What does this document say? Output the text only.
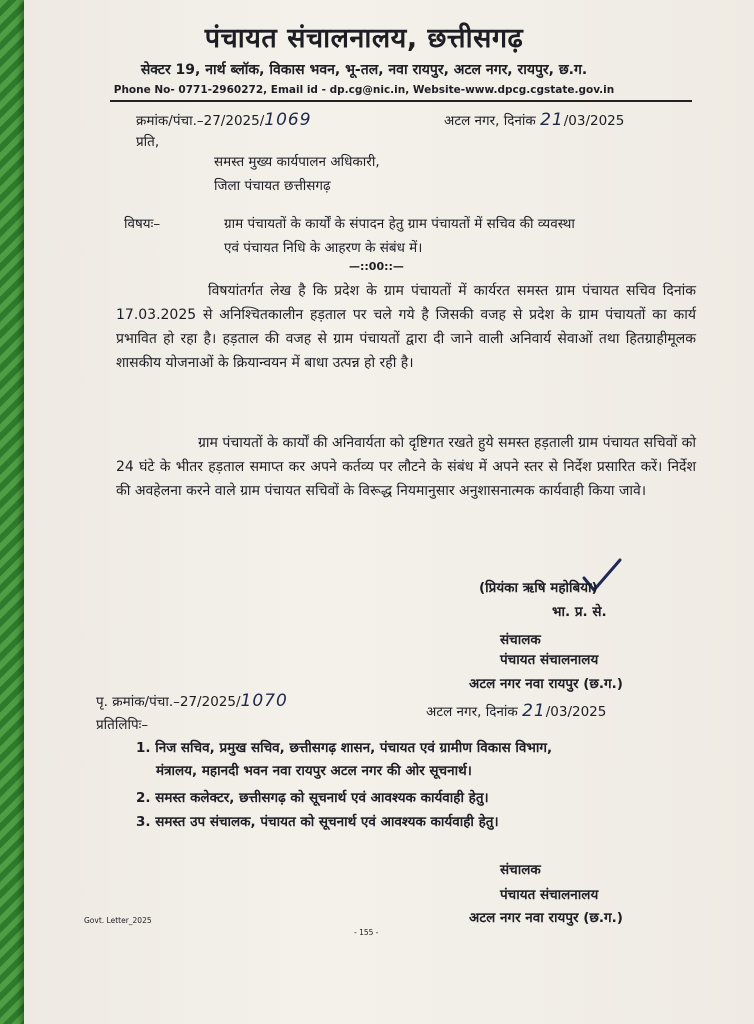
पंचायत संचालनालय, छत्तीसगढ़
सेक्टर 19, नार्थ ब्लॉक, विकास भवन, भू-तल, नवा रायपुर, अटल नगर, रायपुर, छ.ग.
Phone No- 0771-2960272, Email id - dp.cg@nic.in, Website-www.dpcg.cgstate.gov.in
क्रमांक/पंचा.–27/2025/1069	अटल नगर, दिनांक 21/03/2025
प्रति,
समस्त मुख्य कार्यपालन अधिकारी,
जिला पंचायत छत्तीसगढ़
विषयः–	ग्राम पंचायतों के कार्यों के संपादन हेतु ग्राम पंचायतों में सचिव की व्यवस्था
एवं पंचायत निधि के आहरण के संबंध में।
—::00::—
विषयांतर्गत लेख है कि प्रदेश के ग्राम पंचायतों में कार्यरत समस्त ग्राम पंचायत सचिव दिनांक 17.03.2025 से अनिश्चितकालीन हड़ताल पर चले गये है जिसकी वजह से प्रदेश के ग्राम पंचायतों का कार्य प्रभावित हो रहा है। हड़ताल की वजह से ग्राम पंचायतों द्वारा दी जाने वाली अनिवार्य सेवाओं तथा हितग्राहीमूलक शासकीय योजनाओं के क्रियान्वयन में बाधा उत्पन्न हो रही है।
ग्राम पंचायतों के कार्यों की अनिवार्यता को दृष्टिगत रखते हुये समस्त हड़ताली ग्राम पंचायत सचिवों को 24 घंटे के भीतर हड़ताल समाप्त कर अपने कर्तव्य पर लौटने के संबंध में अपने स्तर से निर्देश प्रसारित करें। निर्देश की अवहेलना करने वाले ग्राम पंचायत सचिवों के विरूद्ध नियमानुसार अनुशासनात्मक कार्यवाही किया जावे।
(प्रियंका ऋषि महोबिया)
भा. प्र. से.
संचालक
पंचायत संचालनालय
अटल नगर नवा रायपुर (छ.ग.)
पृ. क्रमांक/पंचा.–27/2025/1070
अटल नगर, दिनांक 21/03/2025
प्रतिलिपिः–
1. निज सचिव, प्रमुख सचिव, छत्तीसगढ़ शासन, पंचायत एवं ग्रामीण विकास विभाग,
मंत्रालय, महानदी भवन नवा रायपुर अटल नगर की ओर सूचनार्थ।
2. समस्त कलेक्टर, छत्तीसगढ़ को सूचनार्थ एवं आवश्यक कार्यवाही हेतु।
3. समस्त उप संचालक, पंचायत को सूचनार्थ एवं आवश्यक कार्यवाही हेतु।
संचालक
पंचायत संचालनालय
अटल नगर नवा रायपुर (छ.ग.)
Govt. Letter_2025
- 155 -
